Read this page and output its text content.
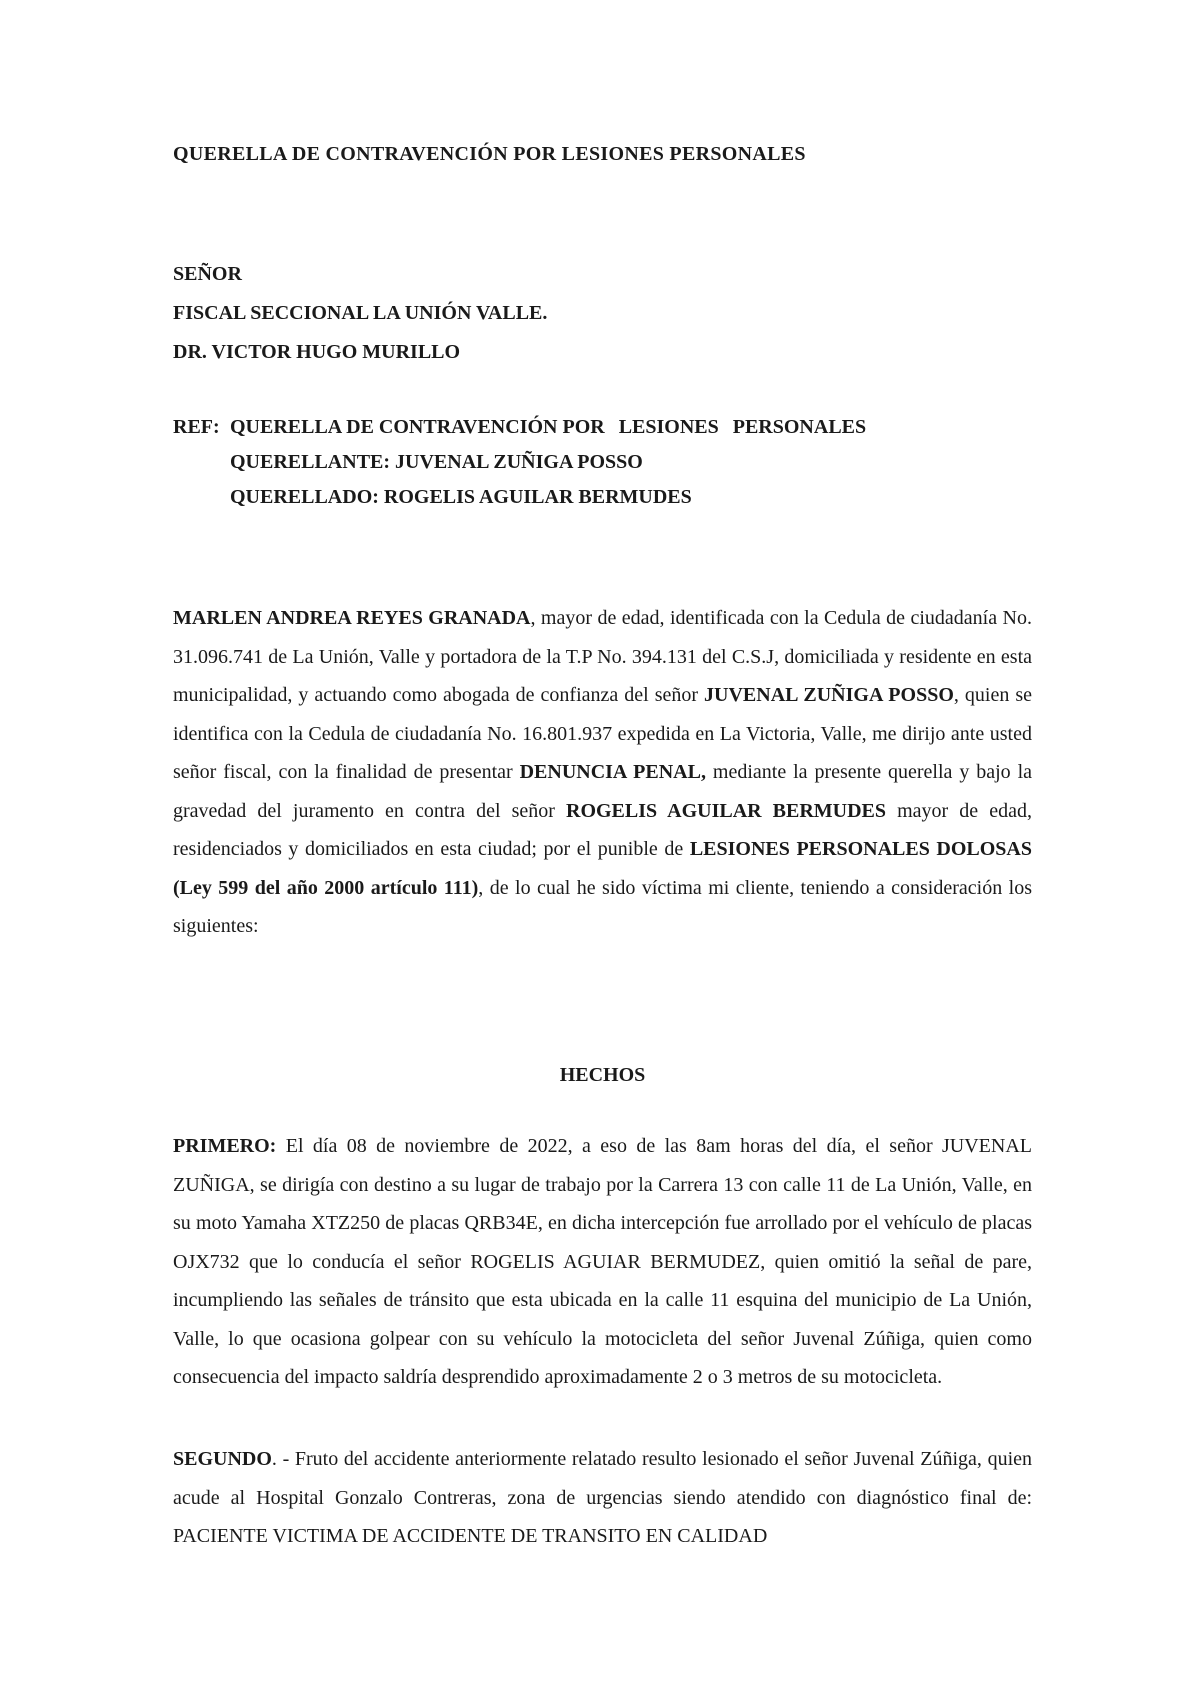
QUERELLA DE CONTRAVENCIÓN POR LESIONES PERSONALES
SEÑOR
FISCAL SECCIONAL LA UNIÓN VALLE.
DR. VICTOR HUGO MURILLO
REF: QUERELLA DE CONTRAVENCIÓN POR LESIONES PERSONALES
QUERELLANTE: JUVENAL ZUÑIGA POSSO
QUERELLADO: ROGELIS AGUILAR BERMUDES

MARLEN ANDREA REYES GRANADA, mayor de edad, identificada con la Cedula de ciudadanía No. 31.096.741 de La Unión, Valle y portadora de la T.P No. 394.131 del C.S.J, domiciliada y residente en esta municipalidad, y actuando como abogada de confianza del señor JUVENAL ZUÑIGA POSSO, quien se identifica con la Cedula de ciudadanía No. 16.801.937 expedida en La Victoria, Valle, me dirijo ante usted señor fiscal, con la finalidad de presentar DENUNCIA PENAL, mediante la presente querella y bajo la gravedad del juramento en contra del señor ROGELIS AGUILAR BERMUDES mayor de edad, residenciados y domiciliados en esta ciudad; por el punible de LESIONES PERSONALES DOLOSAS (Ley 599 del año 2000 artículo 111), de lo cual he sido víctima mi cliente, teniendo a consideración los siguientes:

HECHOS

PRIMERO: El día 08 de noviembre de 2022, a eso de las 8am horas del día, el señor JUVENAL ZUÑIGA, se dirigía con destino a su lugar de trabajo por la Carrera 13 con calle 11 de La Unión, Valle, en su moto Yamaha XTZ250 de placas QRB34E, en dicha intercepción fue arrollado por el vehículo de placas OJX732 que lo conducía el señor ROGELIS AGUIAR BERMUDEZ, quien omitió la señal de pare, incumpliendo las señales de tránsito que esta ubicada en la calle 11 esquina del municipio de La Unión, Valle, lo que ocasiona golpear con su vehículo la motocicleta del señor Juvenal Zúñiga, quien como consecuencia del impacto saldría desprendido aproximadamente 2 o 3 metros de su motocicleta.

SEGUNDO. - Fruto del accidente anteriormente relatado resulto lesionado el señor Juvenal Zúñiga, quien acude al Hospital Gonzalo Contreras, zona de urgencias siendo atendido con diagnóstico final de: PACIENTE VICTIMA DE ACCIDENTE DE TRANSITO EN CALIDAD
